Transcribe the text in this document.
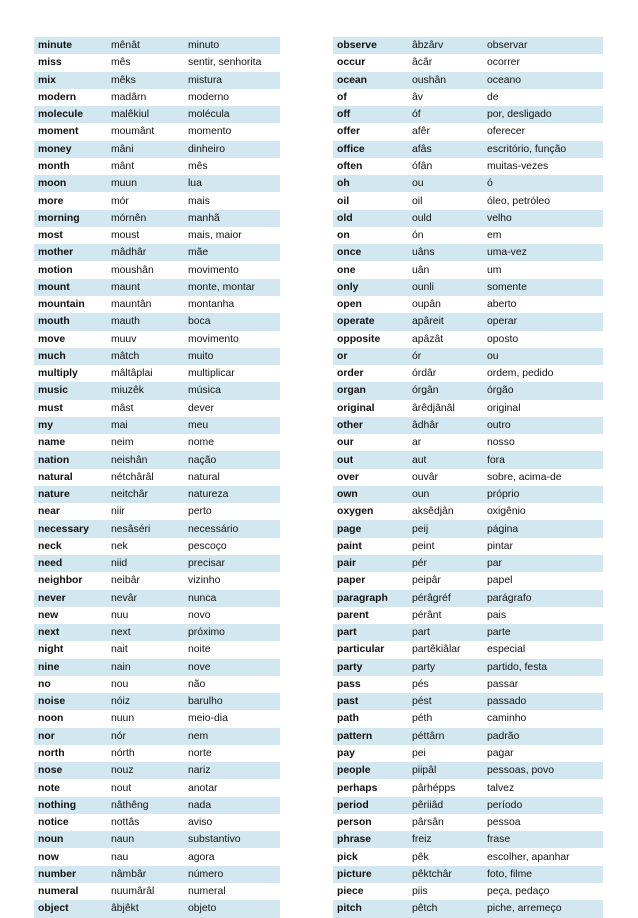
minute	mênât	minuto
miss	mês	sentir, senhorita
mix	mêks	mistura
modern	madârn	moderno
molecule	malêkiul	molécula
moment	moumânt	momento
money	mâni	dinheiro
month	mânt	mês
moon	muun	lua
more	mór	mais
morning	mórnên	manhã
most	moust	mais, maior
mother	mâdhâr	mãe
motion	moushân	movimento
mount	maunt	monte, montar
mountain	mauntân	montanha
mouth	mauth	boca
move	muuv	movimento
much	mâtch	muito
multiply	mâltâplai	multiplicar
music	miuzêk	música
must	mâst	dever
my	mai	meu
name	neim	nome
nation	neishân	nação
natural	nétchârâl	natural
nature	neitchâr	natureza
near	niir	perto
necessary	nesâséri	necessário
neck	nek	pescoço
need	niid	precisar
neighbor	neibâr	vizinho
never	nevâr	nunca
new	nuu	novo
next	next	próximo
night	nait	noite
nine	nain	nove
no	nou	não
noise	nóiz	barulho
noon	nuun	meio-dia
nor	nór	nem
north	nórth	norte
nose	nouz	nariz
note	nout	anotar
nothing	nâthêng	nada
notice	nottâs	aviso
noun	naun	substantivo
now	nau	agora
number	nâmbâr	número
numeral	nuumârâl	numeral
object	âbjêkt	objeto
observe	âbzârv	observar
occur	âcâr	ocorrer
ocean	oushân	oceano
of	âv	de
off	óf	por, desligado
offer	afêr	oferecer
office	afâs	escritório, função
often	ófân	muitas-vezes
oh	ou	ó
oil	oil	óleo, petróleo
old	ould	velho
on	ón	em
once	uâns	uma-vez
one	uân	um
only	ounli	somente
open	oupân	aberto
operate	apâreit	operar
opposite	apâzât	oposto
or	ór	ou
order	órdâr	ordem, pedido
organ	órgân	órgão
original	ârêdjânâl	original
other	âdhâr	outro
our	ar	nosso
out	aut	fora
over	ouvâr	sobre, acima-de
own	oun	próprio
oxygen	aksêdjân	oxigênio
page	peij	página
paint	peint	pintar
pair	pér	par
paper	peipâr	papel
paragraph	pérâgréf	parágrafo
parent	pérânt	pais
part	part	parte
particular	partêkiâlar	especial
party	party	partido, festa
pass	pés	passar
past	pést	passado
path	péth	caminho
pattern	péttârn	padrão
pay	pei	pagar
people	piipâl	pessoas, povo
perhaps	pârhépps	talvez
period	pêriiâd	período
person	pârsân	pessoa
phrase	freiz	frase
pick	pêk	escolher, apanhar
picture	pêktchâr	foto, filme
piece	piis	peça, pedaço
pitch	pêtch	piche, arremeço
